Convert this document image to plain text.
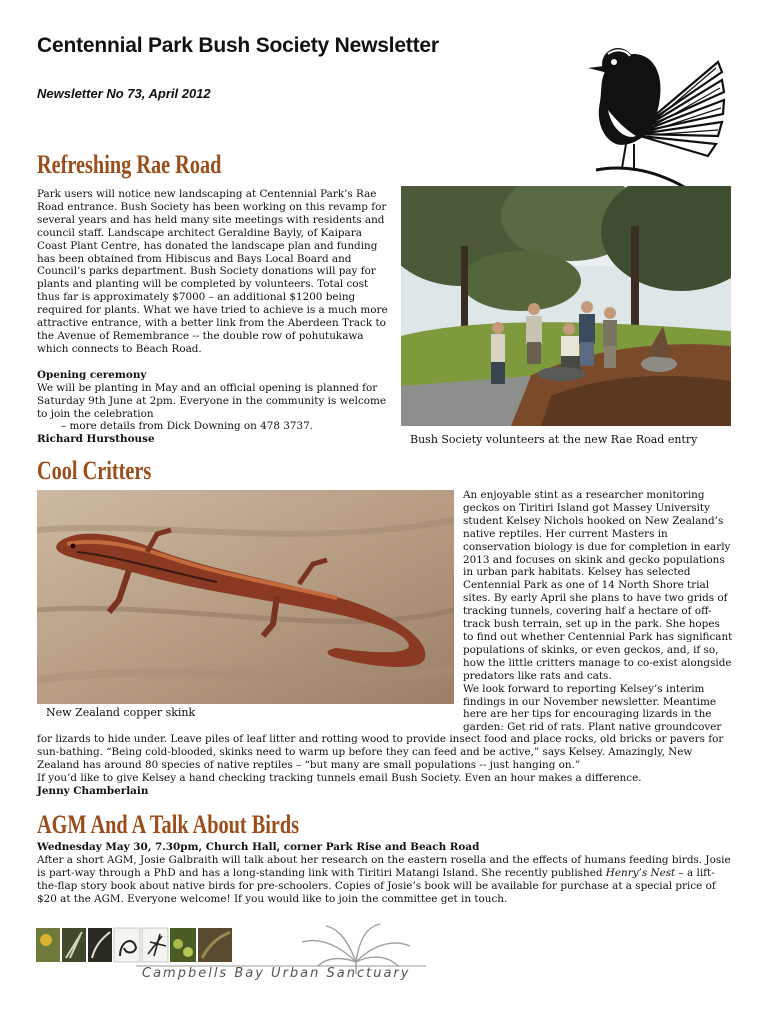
Centennial Park Bush Society Newsletter
Newsletter No 73, April 2012
Refreshing Rae Road

Park users will notice new landscaping at Centennial Park’s Rae Road entrance. Bush Society has been working on this revamp for several years and has held many site meetings with residents and council staff. Landscape architect Geraldine Bayly, of Kaipara Coast Plant Centre, has donated the landscape plan and funding has been obtained from Hibiscus and Bays Local Board and Council’s parks department. Bush Society donations will pay for plants and planting will be completed by volunteers. Total cost thus far is approximately $7000 – an additional $1200 being required for plants. What we have tried to achieve is a much more attractive entrance, with a better link from the Aberdeen Track to the Avenue of Remembrance -- the double row of pohutukawa which connects to Beach Road.

Opening ceremony

We will be planting in May and an official opening is planned for Saturday 9th June at 2pm. Everyone in the community is welcome to join the celebration

– more details from Dick Downing on 478 3737.

Richard Hursthouse	Bush Society volunteers at the new Rae Road entry
Cool Critters
New Zealand copper skink

An enjoyable stint as a researcher monitoring geckos on Tiritiri Island got Massey University student Kelsey Nichols hooked on New Zealand’s native reptiles. Her current Masters in conservation biology is due for completion in early 2013 and focuses on skink and gecko populations in urban park habitats. Kelsey has selected Centennial Park as one of 14 North Shore trial sites. By early April she plans to have two grids of tracking tunnels, covering half a hectare of off-track bush terrain, set up in the park. She hopes to find out whether Centennial Park has significant populations of skinks, or even geckos, and, if so, how the little critters manage to co-exist alongside predators like rats and cats.

We look forward to reporting Kelsey’s interim findings in our November newsletter. Meantime here are her tips for encouraging lizards in the garden: Get rid of rats. Plant native groundcover

for lizards to hide under. Leave piles of leaf litter and rotting wood to provide insect food and place rocks, old bricks or pavers for sun-bathing. “Being cold-blooded, skinks need to warm up before they can feed and be active,” says Kelsey. Amazingly, New Zealand has around 80 species of native reptiles – “but many are small populations -- just hanging on.”

If you’d like to give Kelsey a hand checking tracking tunnels email Bush Society. Even an hour makes a difference.

Jenny Chamberlain

AGM And A Talk About Birds

Wednesday May 30, 7.30pm, Church Hall, corner Park Rise and Beach Road

After a short AGM, Josie Galbraith will talk about her research on the eastern rosella and the effects of humans feeding birds. Josie is part-way through a PhD and has a long-standing link with Tiritiri Matangi Island. She recently published Henry’s Nest – a lift-the-flap story book about native birds for pre-schoolers. Copies of Josie’s book will be available for purchase at a special price of $20 at the AGM. Everyone welcome! If you would like to join the committee get in touch.

Campbells Bay Urban Sanctuary
